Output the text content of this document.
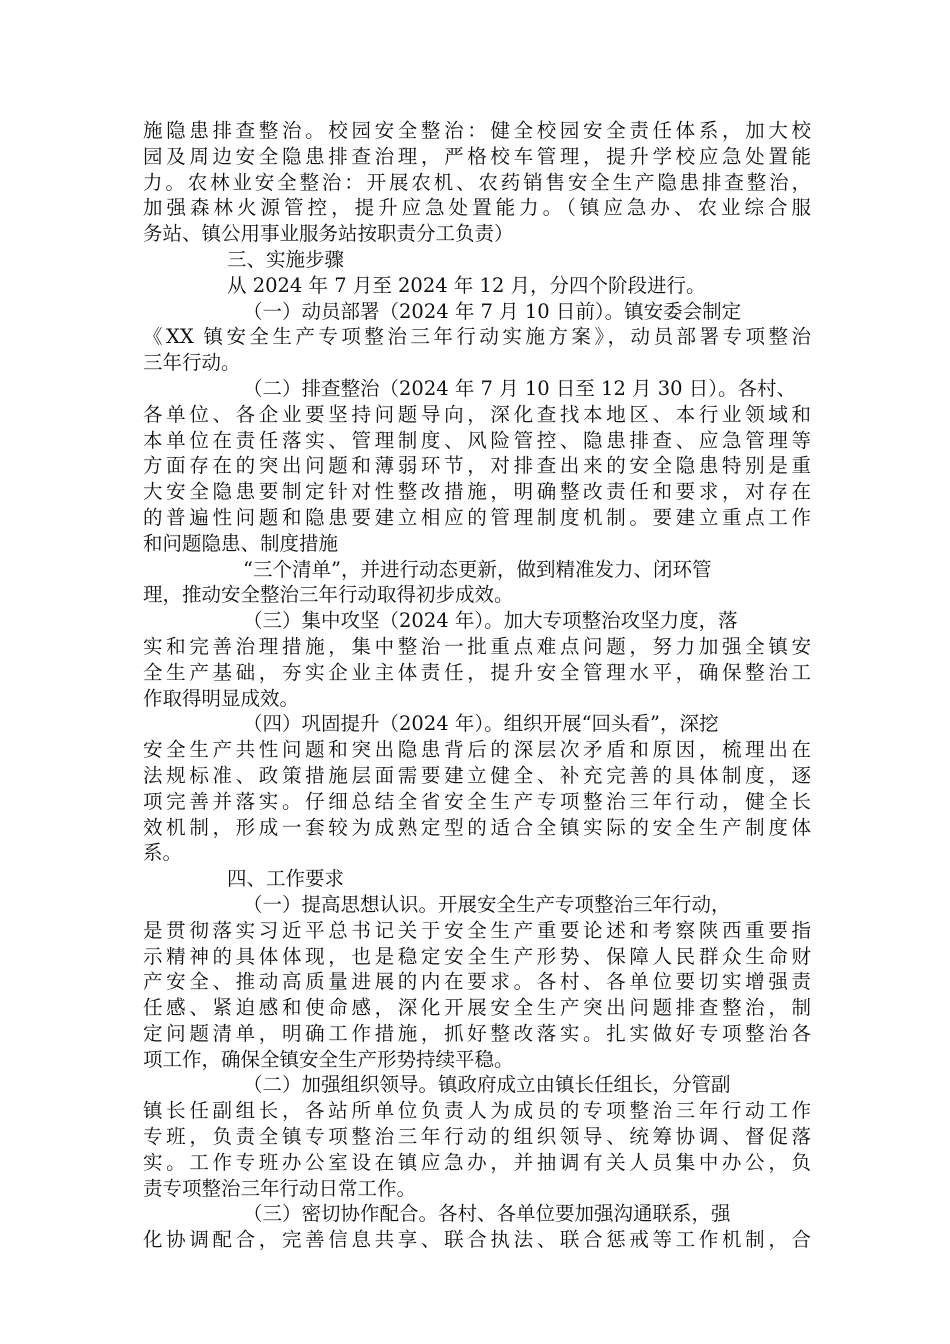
施隐患排查整治。校园安全整治：健全校园安全责任体系，加大校
园及周边安全隐患排查治理，严格校车管理，提升学校应急处置能
力。农林业安全整治：开展农机、农药销售安全生产隐患排查整治，
加强森林火源管控，提升应急处置能力。（镇应急办、农业综合服
务站、镇公用事业服务站按职责分工负责）
三、实施步骤
从 2024 年 7 月至 2024 年 12 月，分四个阶段进行。
（一）动员部署（2024 年 7 月 10 日前）。镇安委会制定
《XX 镇安全生产专项整治三年行动实施方案》，动员部署专项整治
三年行动。
（二）排查整治（2024 年 7 月 10 日至 12 月 30 日）。各村、
各单位、各企业要坚持问题导向，深化查找本地区、本行业领域和
本单位在责任落实、管理制度、风险管控、隐患排查、应急管理等
方面存在的突出问题和薄弱环节，对排查出来的安全隐患特别是重
大安全隐患要制定针对性整改措施，明确整改责任和要求，对存在
的普遍性问题和隐患要建立相应的管理制度机制。要建立重点工作
和问题隐患、制度措施
“三个清单”，并进行动态更新，做到精准发力、闭环管
理，推动安全整治三年行动取得初步成效。
（三）集中攻坚（2024 年）。加大专项整治攻坚力度，落
实和完善治理措施，集中整治一批重点难点问题，努力加强全镇安
全生产基础，夯实企业主体责任，提升安全管理水平，确保整治工
作取得明显成效。
（四）巩固提升（2024 年）。组织开展“回头看”，深挖
安全生产共性问题和突出隐患背后的深层次矛盾和原因，梳理出在
法规标准、政策措施层面需要建立健全、补充完善的具体制度，逐
项完善并落实。仔细总结全省安全生产专项整治三年行动，健全长
效机制，形成一套较为成熟定型的适合全镇实际的安全生产制度体
系。
四、工作要求
（一）提高思想认识。开展安全生产专项整治三年行动，
是贯彻落实习近平总书记关于安全生产重要论述和考察陕西重要指
示精神的具体体现，也是稳定安全生产形势、保障人民群众生命财
产安全、推动高质量进展的内在要求。各村、各单位要切实增强责
任感、紧迫感和使命感，深化开展安全生产突出问题排查整治，制
定问题清单，明确工作措施，抓好整改落实。扎实做好专项整治各
项工作，确保全镇安全生产形势持续平稳。
（二）加强组织领导。镇政府成立由镇长任组长，分管副
镇长任副组长，各站所单位负责人为成员的专项整治三年行动工作
专班，负责全镇专项整治三年行动的组织领导、统筹协调、督促落
实。工作专班办公室设在镇应急办，并抽调有关人员集中办公，负
责专项整治三年行动日常工作。
（三）密切协作配合。各村、各单位要加强沟通联系，强
化协调配合，完善信息共享、联合执法、联合惩戒等工作机制，合
